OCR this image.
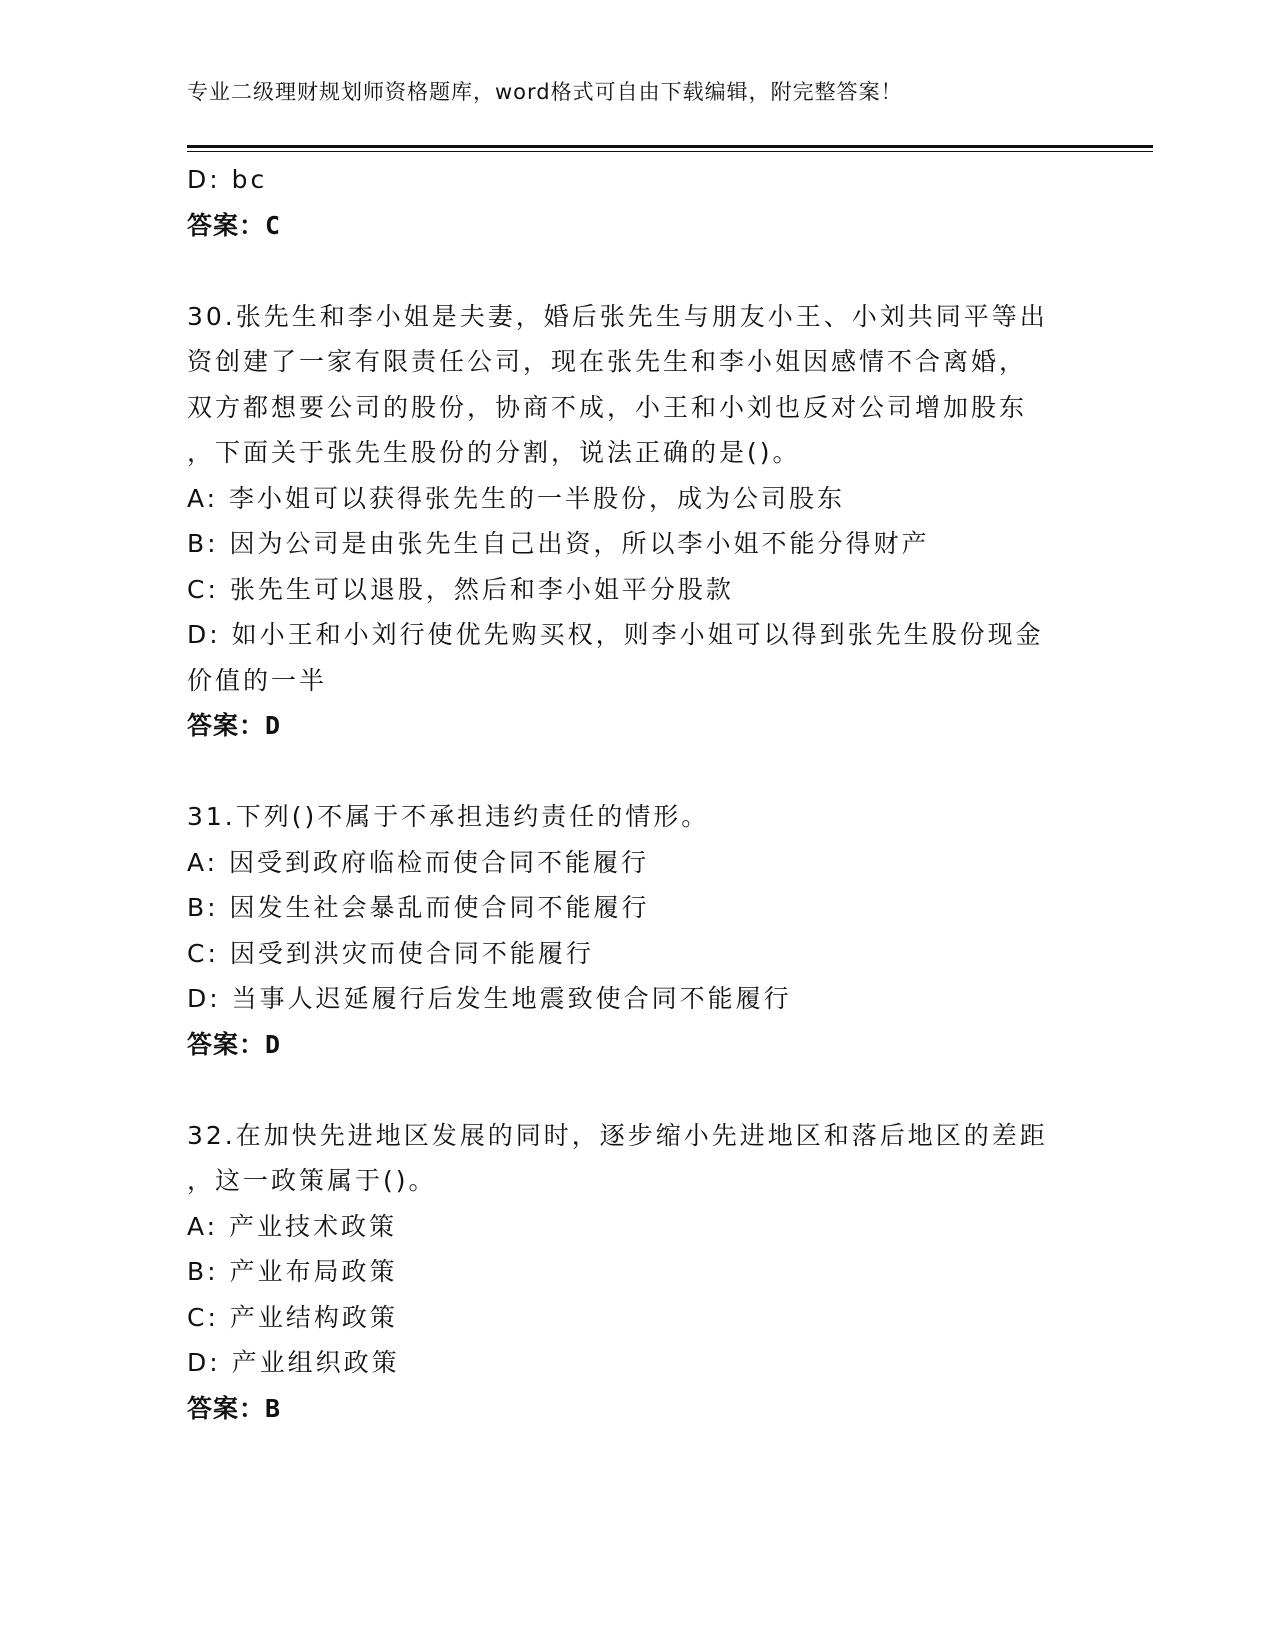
专业二级理财规划师资格题库，word格式可自由下载编辑，附完整答案！
D: bc
答案：C
30.张先生和李小姐是夫妻，婚后张先生与朋友小王、小刘共同平等出
资创建了一家有限责任公司，现在张先生和李小姐因感情不合离婚，
双方都想要公司的股份，协商不成，小王和小刘也反对公司增加股东
，下面关于张先生股份的分割，说法正确的是()。
A: 李小姐可以获得张先生的一半股份，成为公司股东
B: 因为公司是由张先生自己出资，所以李小姐不能分得财产
C: 张先生可以退股，然后和李小姐平分股款
D: 如小王和小刘行使优先购买权，则李小姐可以得到张先生股份现金
价值的一半
答案：D
31.下列()不属于不承担违约责任的情形。
A: 因受到政府临检而使合同不能履行
B: 因发生社会暴乱而使合同不能履行
C: 因受到洪灾而使合同不能履行
D: 当事人迟延履行后发生地震致使合同不能履行
答案：D
32.在加快先进地区发展的同时，逐步缩小先进地区和落后地区的差距
，这一政策属于()。
A: 产业技术政策
B: 产业布局政策
C: 产业结构政策
D: 产业组织政策
答案：B
